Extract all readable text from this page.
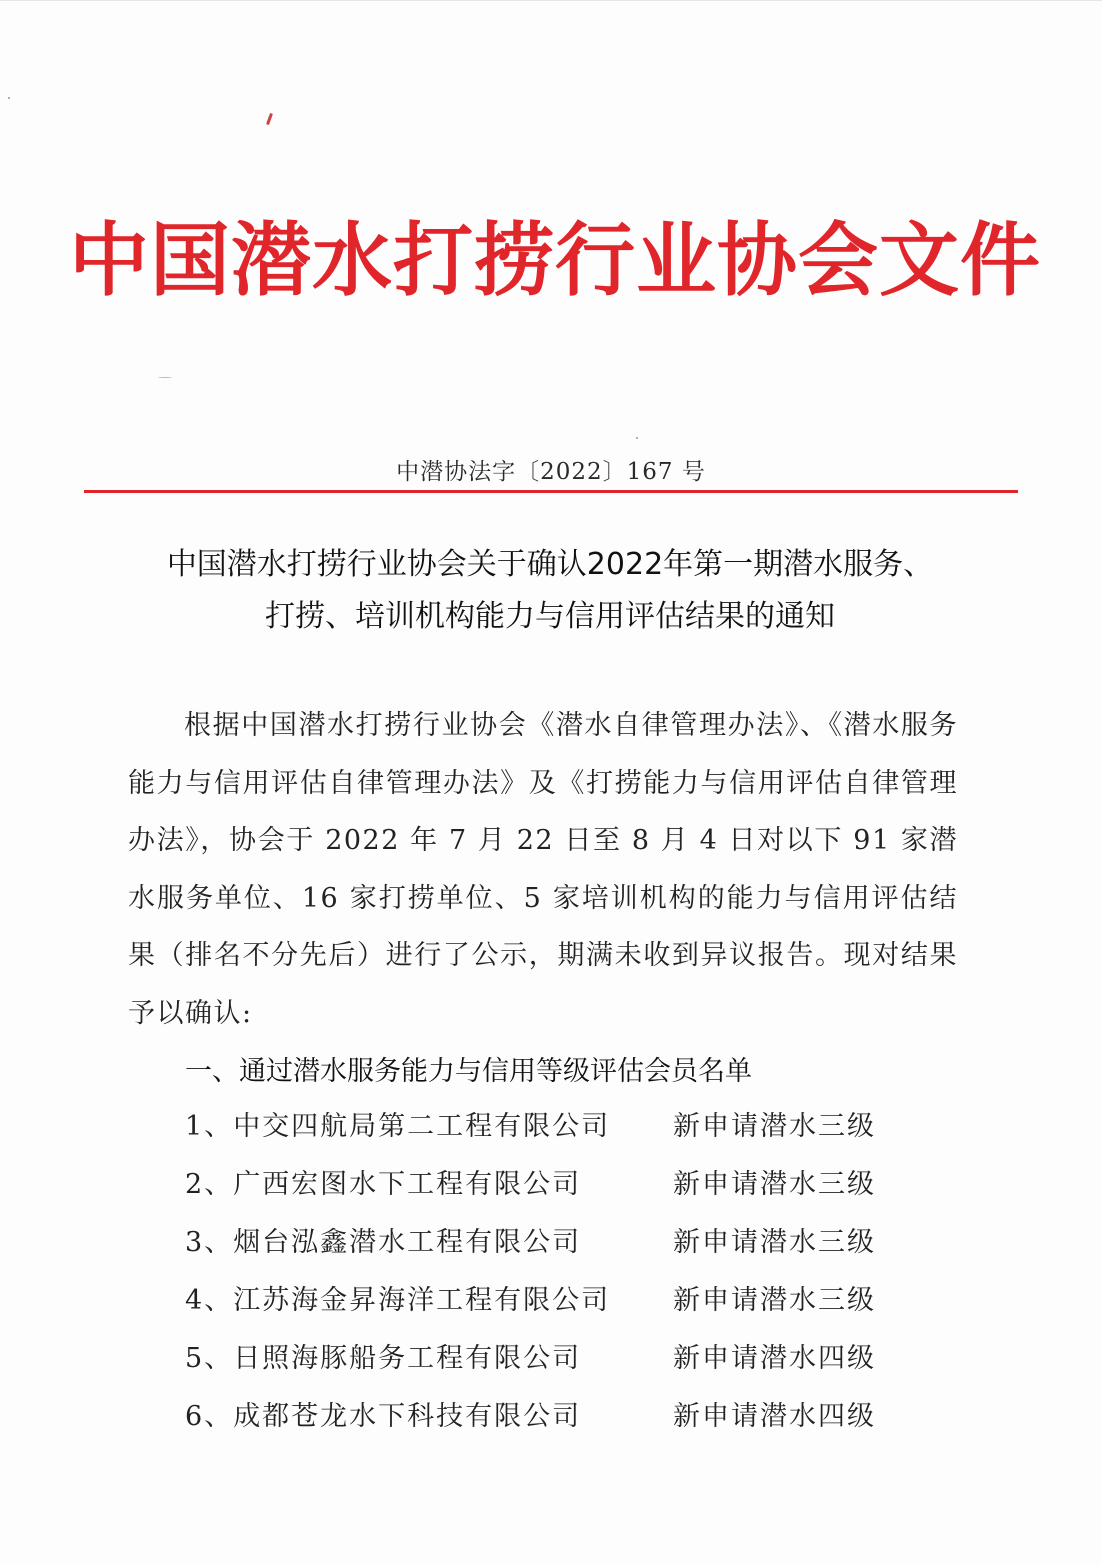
中国潜水打捞行业协会文件
中潜协法字〔2022〕167 号
中国潜水打捞行业协会关于确认2022年第一期潜水服务、
打捞、培训机构能力与信用评估结果的通知

根据中国潜水打捞行业协会《潜水自律管理办法》、《潜水服务能力与信用评估自律管理办法》及《打捞能力与信用评估自律管理办法》，协会于 2022 年 7 月 22 日至 8 月 4 日对以下 91 家潜水服务单位、16 家打捞单位、5 家培训机构的能力与信用评估结果（排名不分先后）进行了公示，期满未收到异议报告。现对结果予以确认:

一、通过潜水服务能力与信用等级评估会员名单
1、中交四航局第二工程有限公司 新申请潜水三级
2、广西宏图水下工程有限公司	新申请潜水三级
3、烟台泓鑫潜水工程有限公司	新申请潜水三级
4、江苏海金昇海洋工程有限公司 新申请潜水三级
5、日照海豚船务工程有限公司	新申请潜水四级
6、成都苍龙水下科技有限公司	新申请潜水四级
